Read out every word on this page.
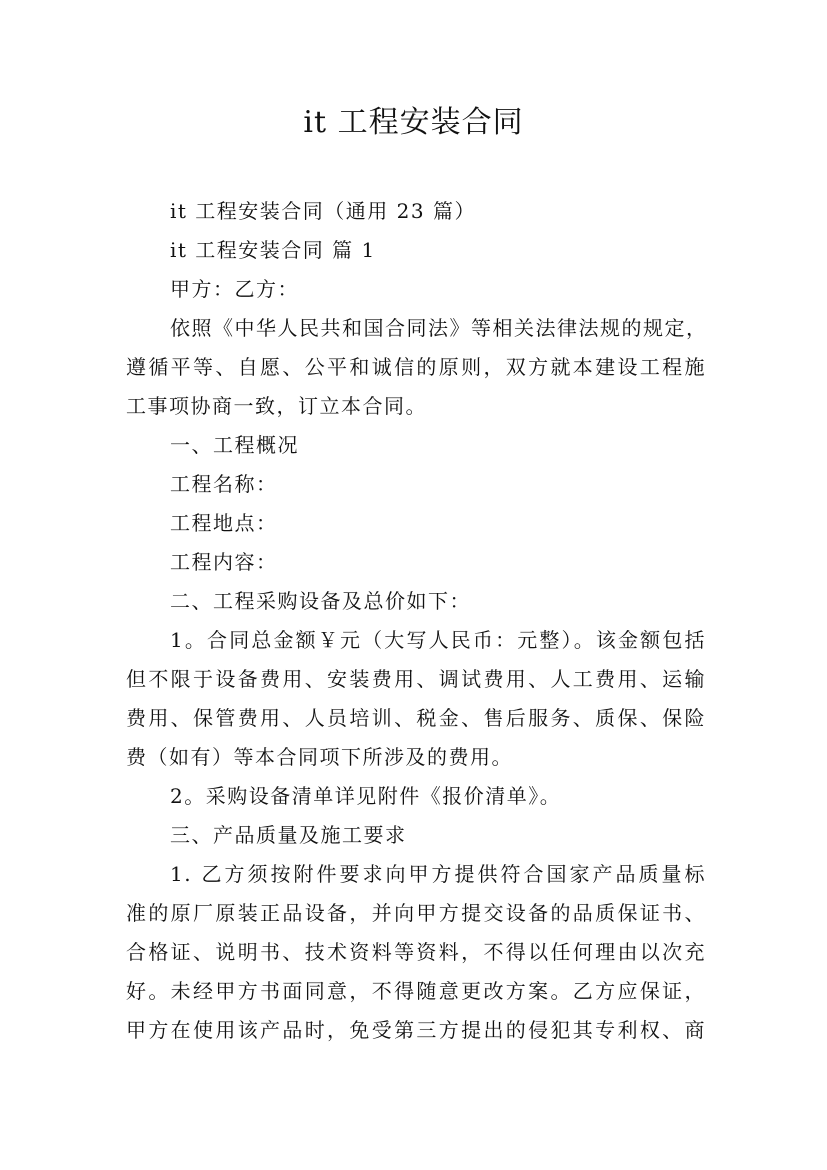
it 工程安装合同
it 工程安装合同（通用 23 篇）
it 工程安装合同 篇 1
甲方：乙方：
依照《中华人民共和国合同法》等相关法律法规的规定，
遵循平等、自愿、公平和诚信的原则，双方就本建设工程施
工事项协商一致，订立本合同。
一、工程概况
工程名称：
工程地点：
工程内容：
二、工程采购设备及总价如下：
1。合同总金额￥元（大写人民币：元整）。该金额包括
但不限于设备费用、安装费用、调试费用、人工费用、运输
费用、保管费用、人员培训、税金、售后服务、质保、保险
费（如有）等本合同项下所涉及的费用。
2。采购设备清单详见附件《报价清单》。
三、产品质量及施工要求
1. 乙方须按附件要求向甲方提供符合国家产品质量标
准的原厂原装正品设备，并向甲方提交设备的品质保证书、
合格证、说明书、技术资料等资料，不得以任何理由以次充
好。未经甲方书面同意，不得随意更改方案。乙方应保证，
甲方在使用该产品时，免受第三方提出的侵犯其专利权、商
